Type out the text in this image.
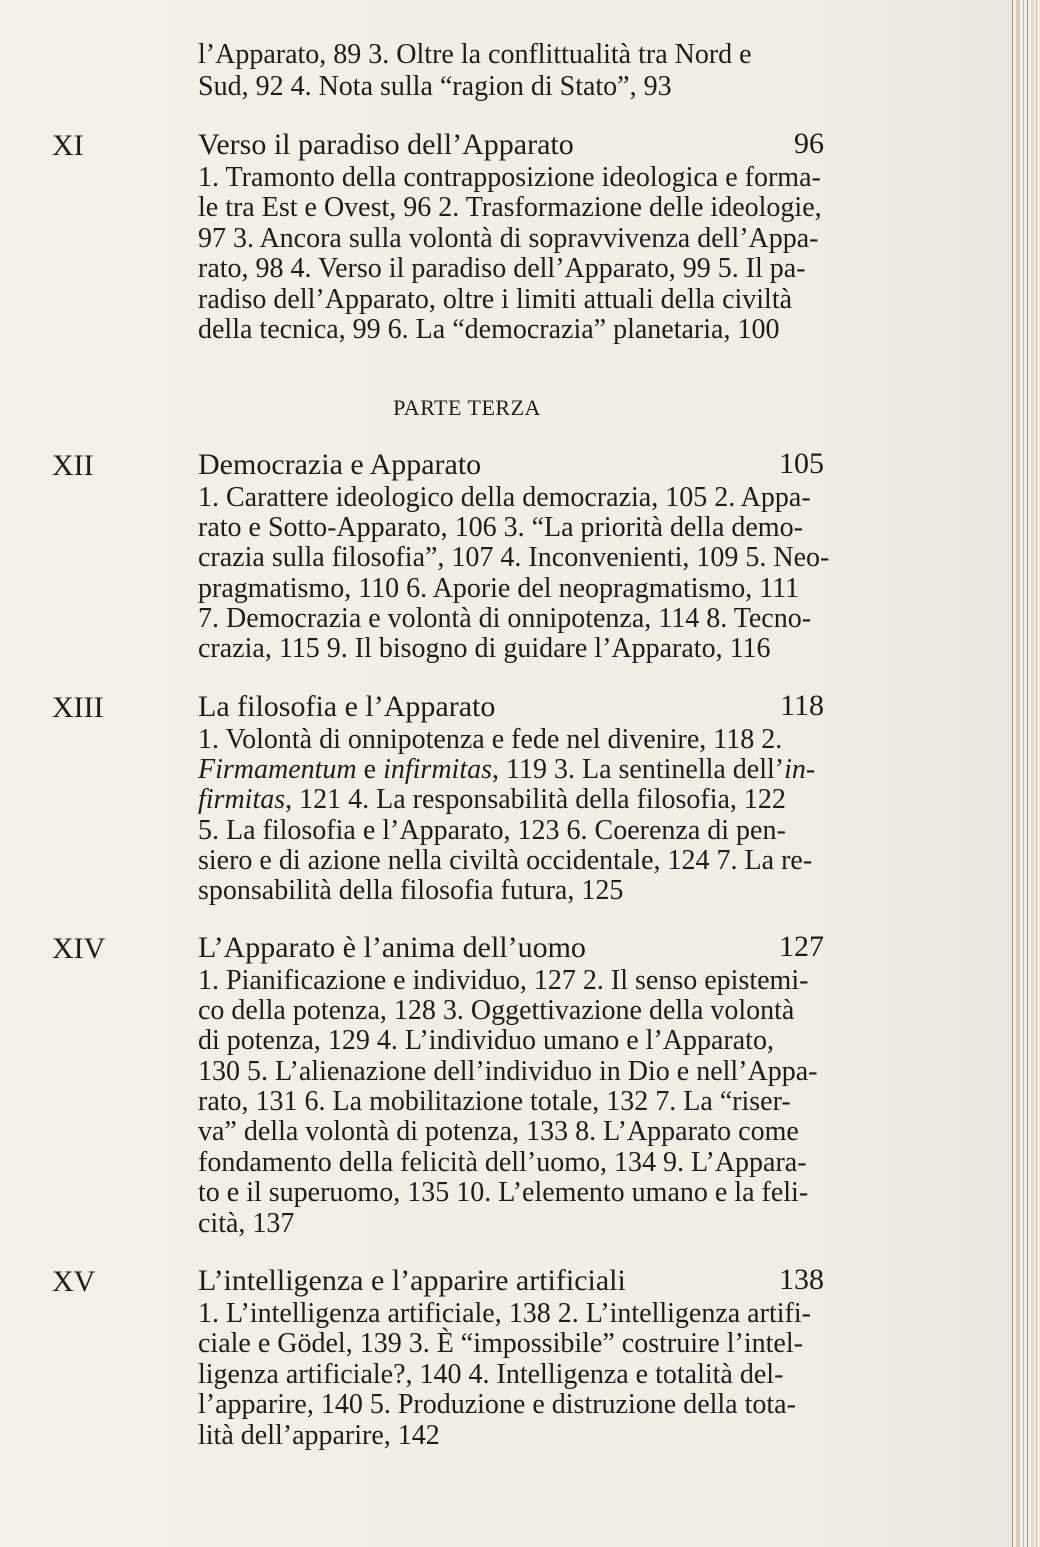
l’Apparato, 89 3. Oltre la conflittualità tra Nord e
Sud, 92 4. Nota sulla “ragion di Stato”, 93
XI	Verso il paradiso dell’Apparato	96
1. Tramonto della contrapposizione ideologica e forma-
le tra Est e Ovest, 96 2. Trasformazione delle ideologie,
97 3. Ancora sulla volontà di sopravvivenza dell’Appa-
rato, 98 4. Verso il paradiso dell’Apparato, 99 5. Il pa-
radiso dell’Apparato, oltre i limiti attuali della civiltà
della tecnica, 99 6. La “democrazia” planetaria, 100
PARTE TERZA
XII	Democrazia e Apparato	105
1. Carattere ideologico della democrazia, 105 2. Appa-
rato e Sotto-Apparato, 106 3. “La priorità della demo-
crazia sulla filosofia”, 107 4. Inconvenienti, 109 5. Neo-
pragmatismo, 110 6. Aporie del neopragmatismo, 111
7. Democrazia e volontà di onnipotenza, 114 8. Tecno-
crazia, 115 9. Il bisogno di guidare l’Apparato, 116
XIII	La filosofia e l’Apparato	118
1. Volontà di onnipotenza e fede nel divenire, 118 2.
Firmamentum e infirmitas, 119 3. La sentinella dell’in-
firmitas, 121 4. La responsabilità della filosofia, 122
5. La filosofia e l’Apparato, 123 6. Coerenza di pen-
siero e di azione nella civiltà occidentale, 124 7. La re-
sponsabilità della filosofia futura, 125
XIV	L’Apparato è l’anima dell’uomo	127
1. Pianificazione e individuo, 127 2. Il senso epistemi-
co della potenza, 128 3. Oggettivazione della volontà
di potenza, 129 4. L’individuo umano e l’Apparato,
130 5. L’alienazione dell’individuo in Dio e nell’Appa-
rato, 131 6. La mobilitazione totale, 132 7. La “riser-
va” della volontà di potenza, 133 8. L’Apparato come
fondamento della felicità dell’uomo, 134 9. L’Appara-
to e il superuomo, 135 10. L’elemento umano e la feli-
cità, 137
XV	L’intelligenza e l’apparire artificiali	138
1. L’intelligenza artificiale, 138 2. L’intelligenza artifi-
ciale e Gödel, 139 3. È “impossibile” costruire l’intel-
ligenza artificiale?, 140 4. Intelligenza e totalità del-
l’apparire, 140 5. Produzione e distruzione della tota-
lità dell’apparire, 142
